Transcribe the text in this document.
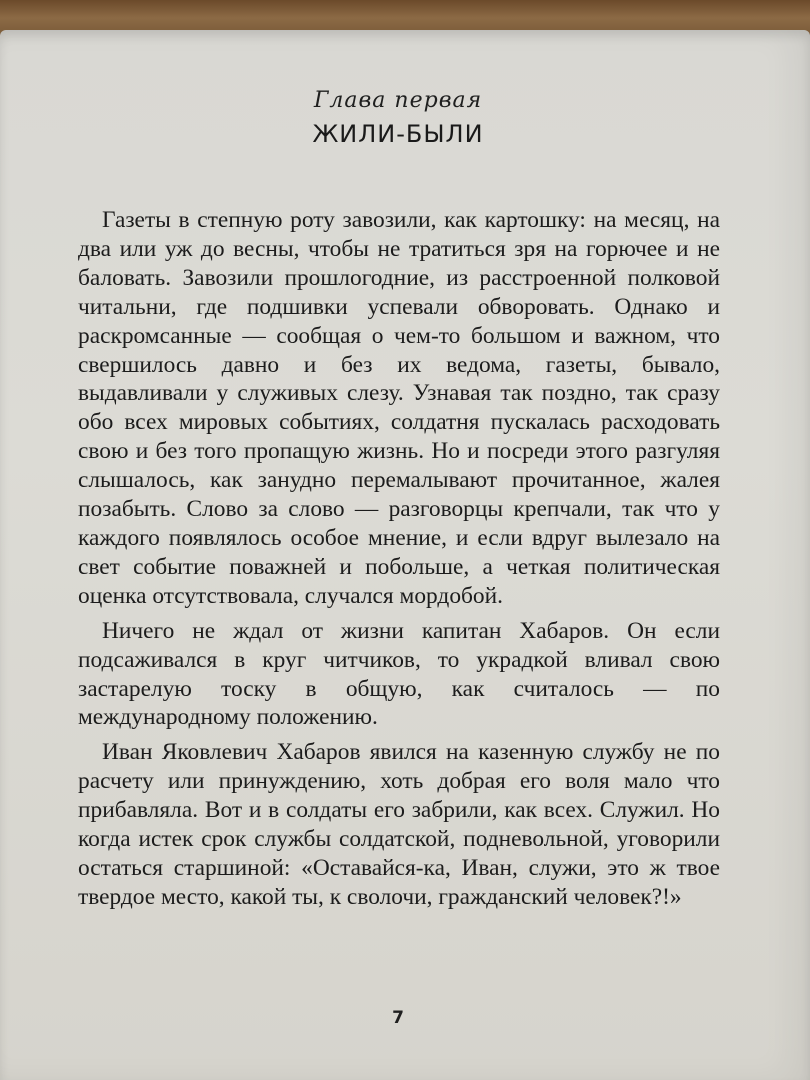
Глава первая
ЖИЛИ-БЫЛИ

Газеты в степную роту завозили, как картошку: на месяц, на два или уж до весны, чтобы не тратиться зря на горючее и не баловать. Завозили прошлогодние, из расстроенной полковой читальни, где подшивки успевали обворовать. Однако и раскромсанные — сообщая о чем-то большом и важном, что свершилось давно и без их ведома, газеты, бывало, выдавливали у служивых слезу. Узнавая так поздно, так сразу обо всех мировых событиях, солдатня пускалась расходовать свою и без того пропащую жизнь. Но и посреди этого разгуляя слышалось, как занудно перемалывают прочитанное, жалея позабыть. Слово за слово — разговорцы крепчали, так что у каждого появлялось особое мнение, и если вдруг вылезало на свет событие поважней и побольше, а четкая политическая оценка отсутствовала, случался мордобой.

Ничего не ждал от жизни капитан Хабаров. Он если подсаживался в круг читчиков, то украдкой вливал свою застарелую тоску в общую, как считалось — по международному положению.

Иван Яковлевич Хабаров явился на казенную службу не по расчету или принуждению, хоть добрая его воля мало что прибавляла. Вот и в солдаты его забрили, как всех. Служил. Но когда истек срок службы солдатской, подневольной, уговорили остаться старшиной: «Оставайся-ка, Иван, служи, это ж твое твердое место, какой ты, к сволочи, гражданский человек?!»

7
